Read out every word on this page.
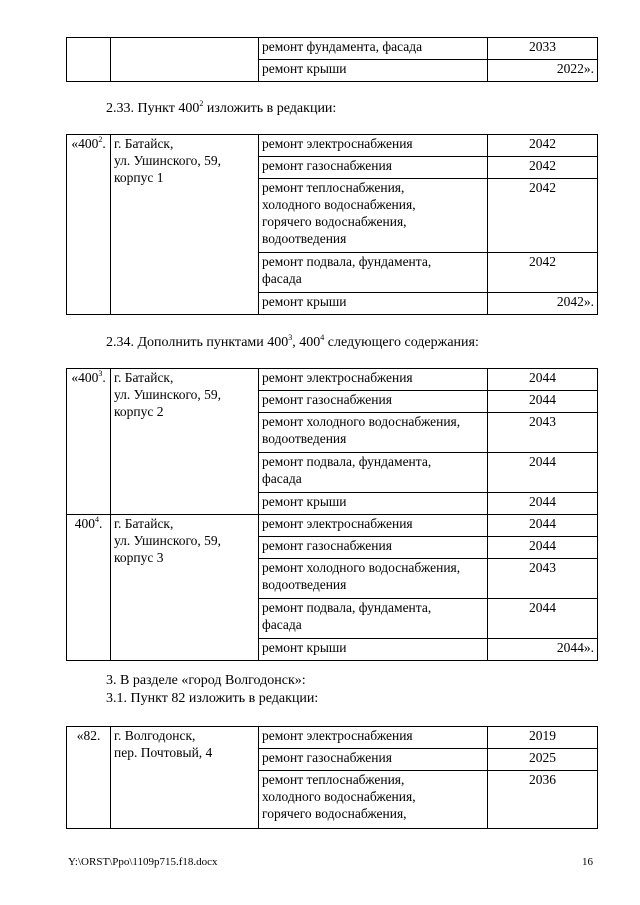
		ремонт фундамента, фасада	2033

		ремонт крыши	2022».
2.33. Пункт $400^2$ изложить в редакции:
«$400^2$.	г. Батайск,
ул. Ушинского, 59,
корпус 1	ремонт электроснабжения	2042

		ремонт газоснабжения	2042

		ремонт теплоснабжения,
холодного водоснабжения,
горячего водоснабжения,
водоотведения	2042

		ремонт подвала, фундамента,
фасада	2042

		ремонт крыши	2042».
2.34. Дополнить пунктами $400^3$, $400^4$ следующего содержания:
«$400^3$.	г. Батайск,
ул. Ушинского, 59,
корпус 2	ремонт электроснабжения	2044

		ремонт газоснабжения	2044

		ремонт холодного водоснабжения,
водоотведения	2043

		ремонт подвала, фундамента,
фасада	2044

		ремонт крыши	2044

$400^4$.	г. Батайск,
ул. Ушинского, 59,
корпус 3	ремонт электроснабжения	2044

		ремонт газоснабжения	2044

		ремонт холодного водоснабжения,
водоотведения	2043

		ремонт подвала, фундамента,
фасада	2044

		ремонт крыши	2044».
3. В разделе «город Волгодонск»:
3.1. Пункт 82 изложить в редакции:
«82.	г. Волгодонск,
пер. Почтовый, 4	ремонт электроснабжения	2019

		ремонт газоснабжения	2025

		ремонт теплоснабжения,
холодного водоснабжения,
горячего водоснабжения,	2036
Y:\ORST\Ppo\1109p715.f18.docx	16
